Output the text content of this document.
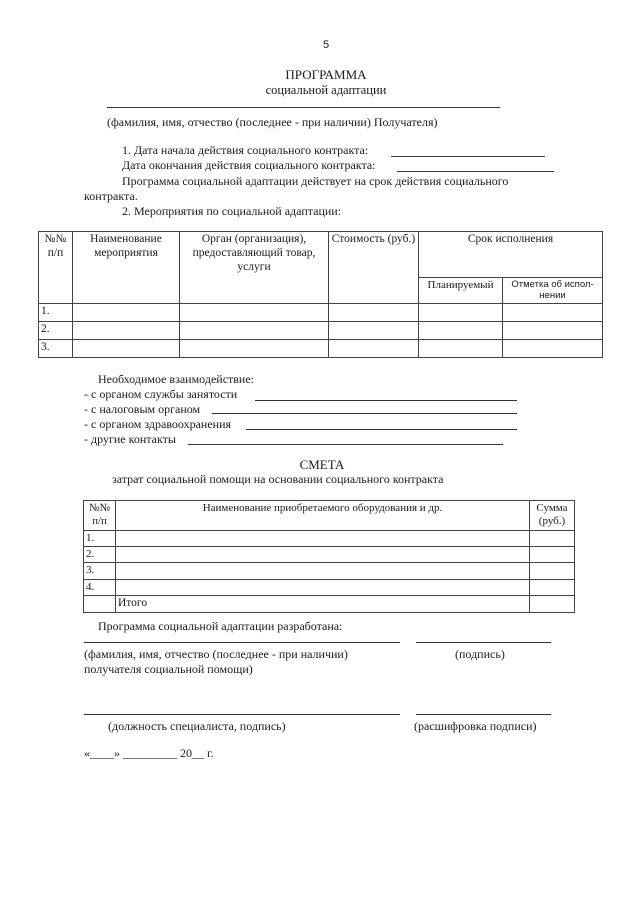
5
ПРОГРАММА
социальной адаптации
(фамилия, имя, отчество (последнее - при наличии) Получателя)
1. Дата начала действия социального контракта:
Дата окончания действия социального контракта:
Программа социальной адаптации действует на срок действия социального
контракта.
2. Мероприятия по социальной адаптации:
№№ п/п	Наименование мероприятия	Орган (организация), предоставляющий товар, услуги	Стоимость (руб.)	Срок исполнения	
				Планируемый	Отметка об испол-нении
1.					
2.					
3.					
Необходимое взаимодействие:
- с органом службы занятости
- с налоговым органом
- с органом здравоохранения
- другие контакты
СМЕТА
затрат социальной помощи на основании социального контракта
№№ п/п	Наименование приобретаемого оборудования и др.	Сумма (руб.)
1.		
2.		
3.		
4.		
	Итого	
Программа социальной адаптации разработана:
(фамилия, имя, отчество (последнее - при наличии)
получателя социальной помощи)
(подпись)
(должность специалиста, подпись)	(расшифровка подписи)
«____» _________ 20__ г.
